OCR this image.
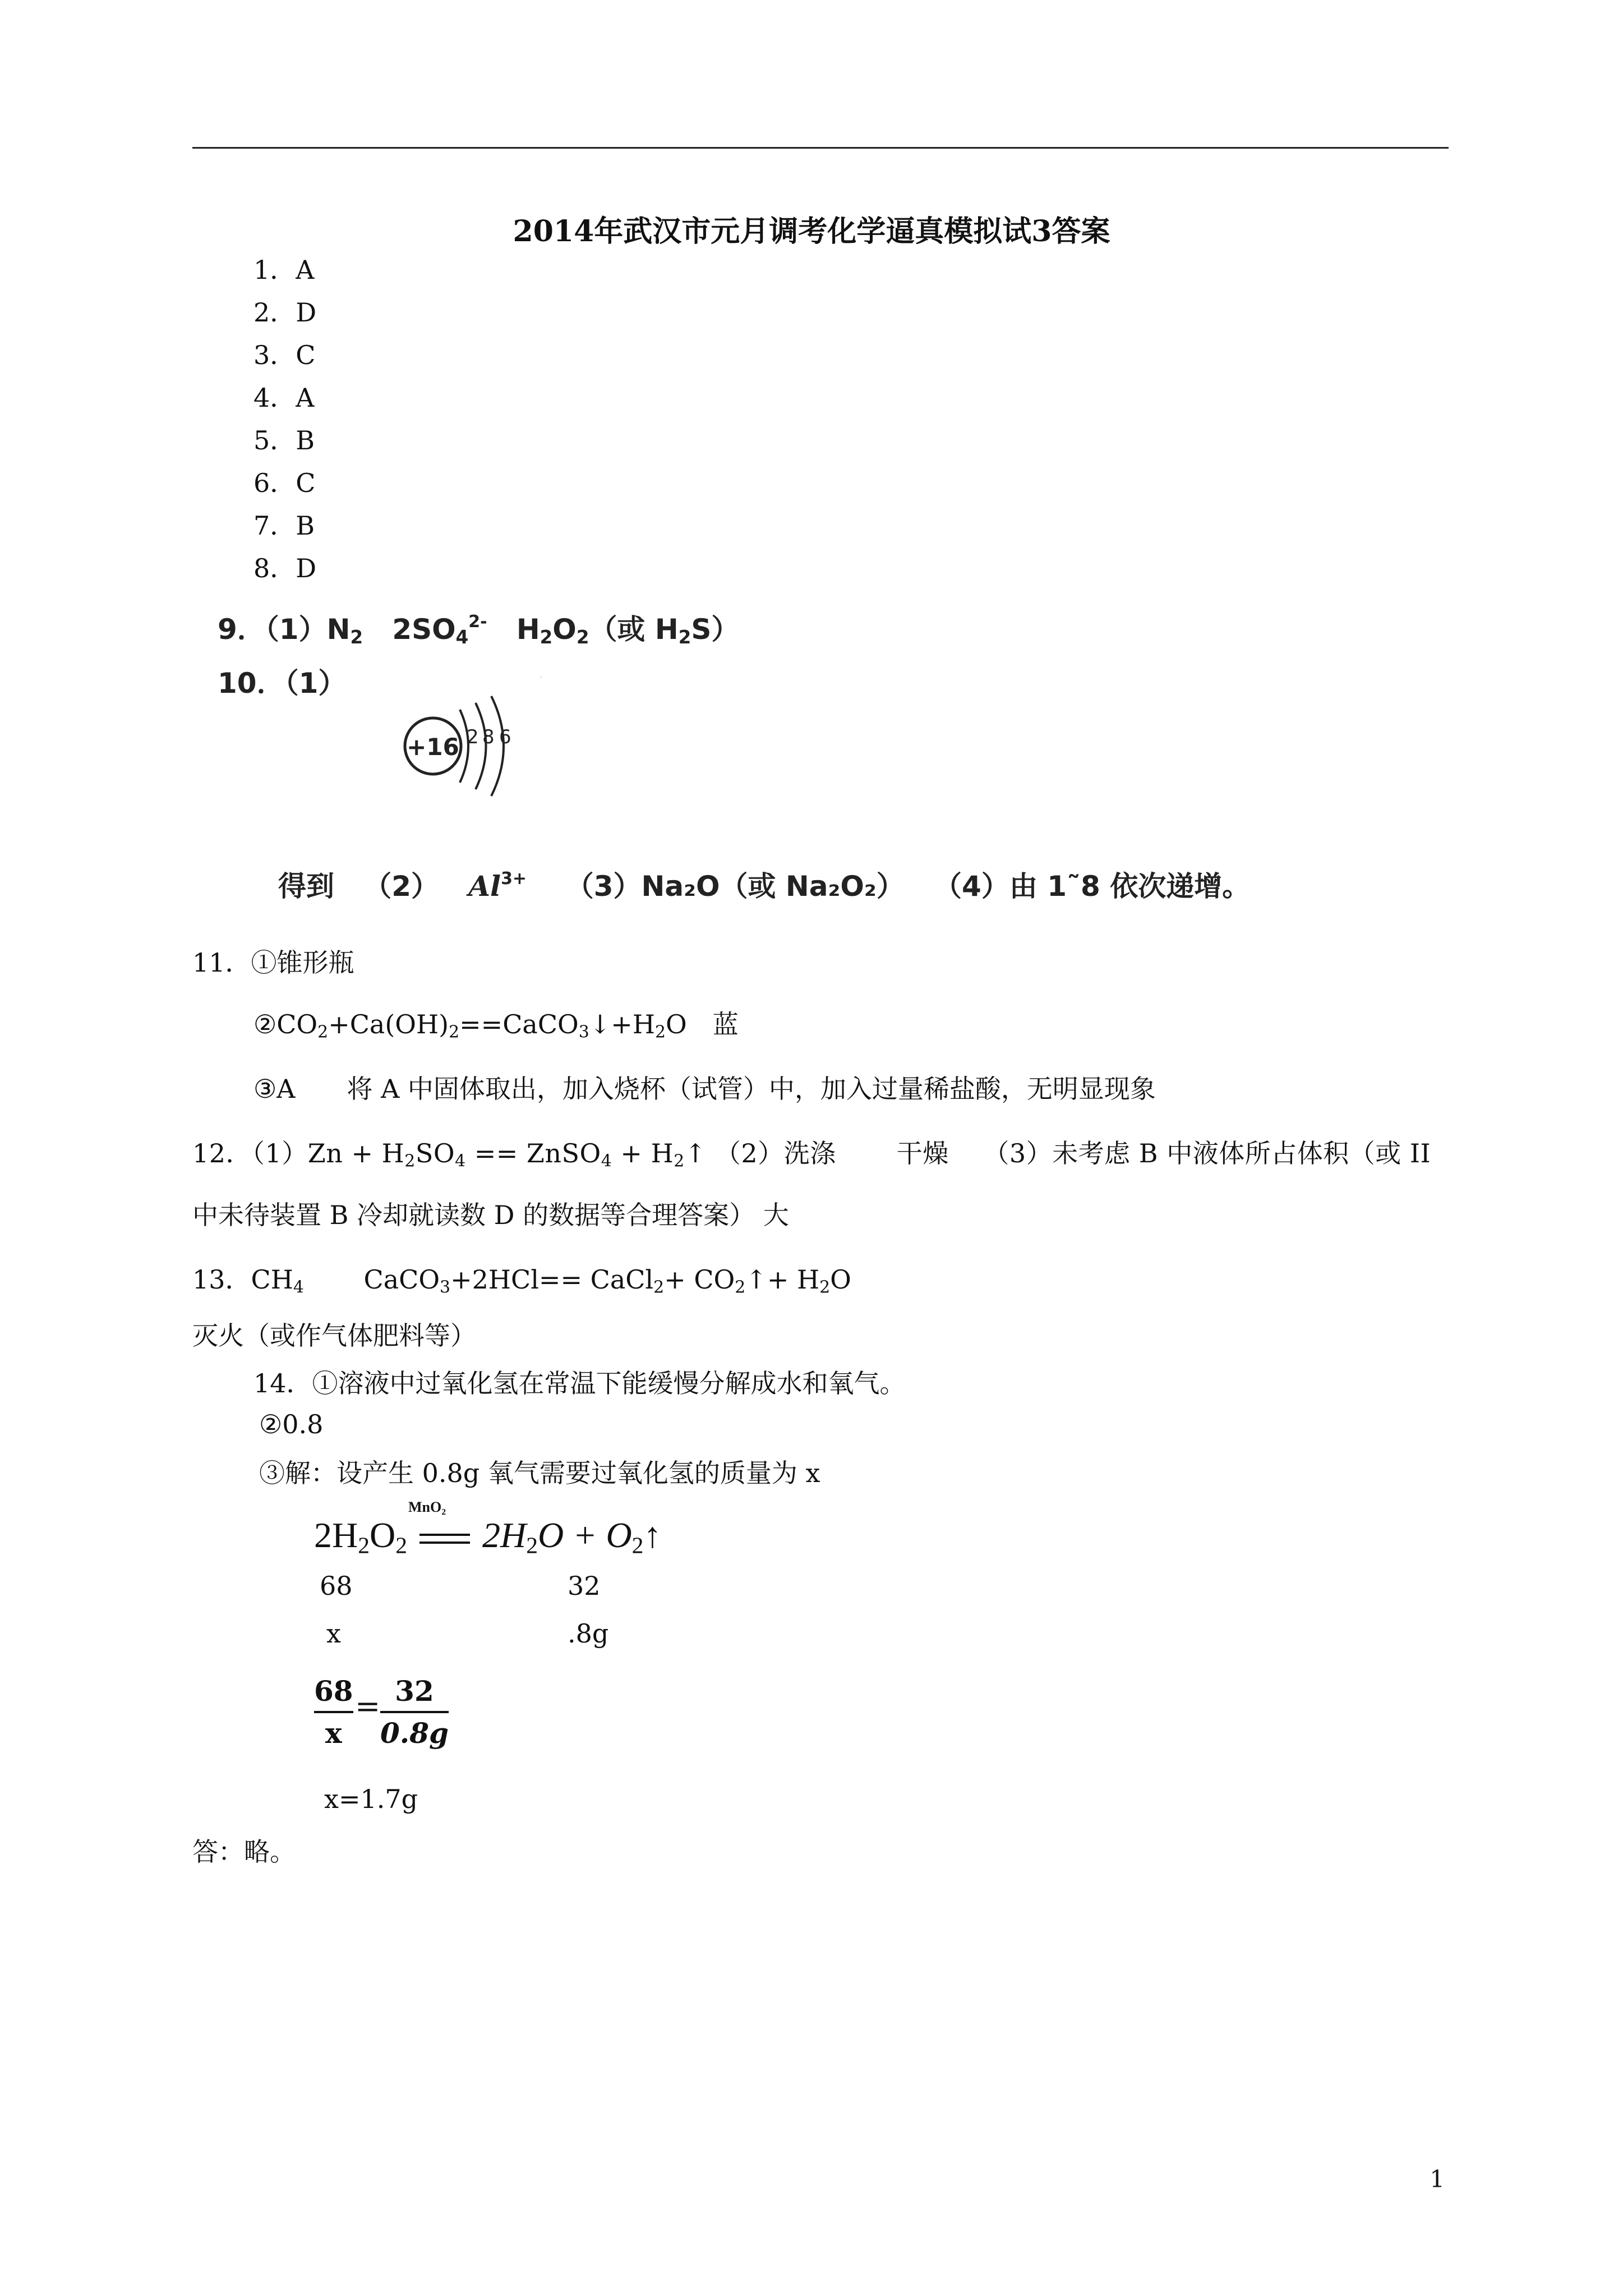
2014年武汉市元月调考化学逼真模拟试3答案
1．A
2．D
3．C
4．A
5．B
6．C
7．B
8．D
9．$(1)N_2$ $2SO_4^{2-}$ $H_2O_2$（或 $H_2S$）
10．（1）	·
+16 2 8 6
得到 （2） $Al^{3+}$ （3）Na₂O（或 Na₂O₂） （4）由 1˜8 依次递增。
11．①锥形瓶
$②CO_2+Ca(OH)_2==CaCO_3↓+H_2O$　蓝
③A　　将 A 中固体取出，加入烧杯（试管）中，加入过量稀盐酸，无明显现象
12．$(1)Zn + H_2SO_4$ == ZnSO$_4$ + $H_2↑$ （2）洗涤　　 干燥　 （3）未考虑 B 中液体所占体积（或 II
中未待装置 B 冷却就读数 D 的数据等合理答案） 大
13．$CH_4$　　 CaCO$_3$+2HCl== CaCl$_2$+ $CO_2↑+ H_2O$
灭火（或作气体肥料等）
14．①溶液中过氧化氢在常温下能缓慢分解成水和氧气。
②0.8
③解：设产生 0.8g 氧气需要过氧化氢的质量为 x
MnO₂
$2H_2O_2$ $2H_2O$ + $O_2↑$
68	32
x	.8g
68
x
= 32
0.8g
x=1.7g
答：略。
1
